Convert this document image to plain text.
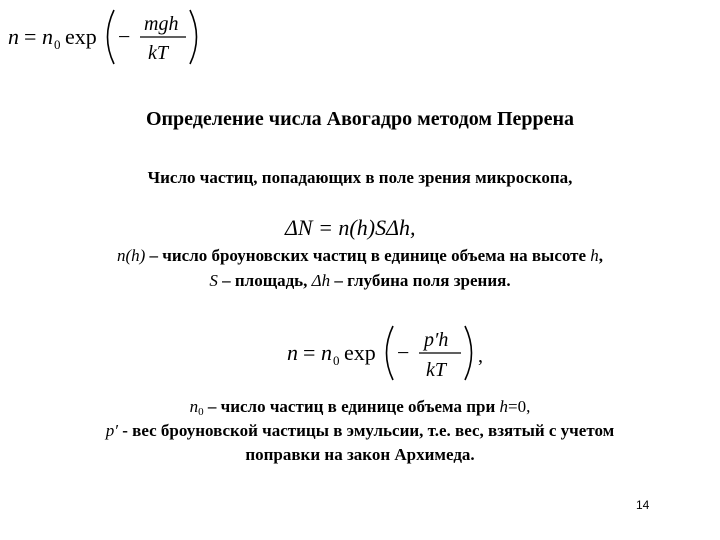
n = n 0 exp − mgh
kT
Определение числа Авогадро методом Перрена
Число частиц, попадающих в поле зрения микроскопа,
ΔN = n(h)SΔh,
n(h) – число броуновских частиц в единице объема на высоте h,
S – площадь, Δh – глубина поля зрения.
n = n 0 exp − p′h
kT
,
$n_0$ – число частиц в единице объема при h=0,
p′ - вес броуновской частицы в эмульсии, т.е. вес, взятый с учетом
поправки на закон Архимеда.
14
